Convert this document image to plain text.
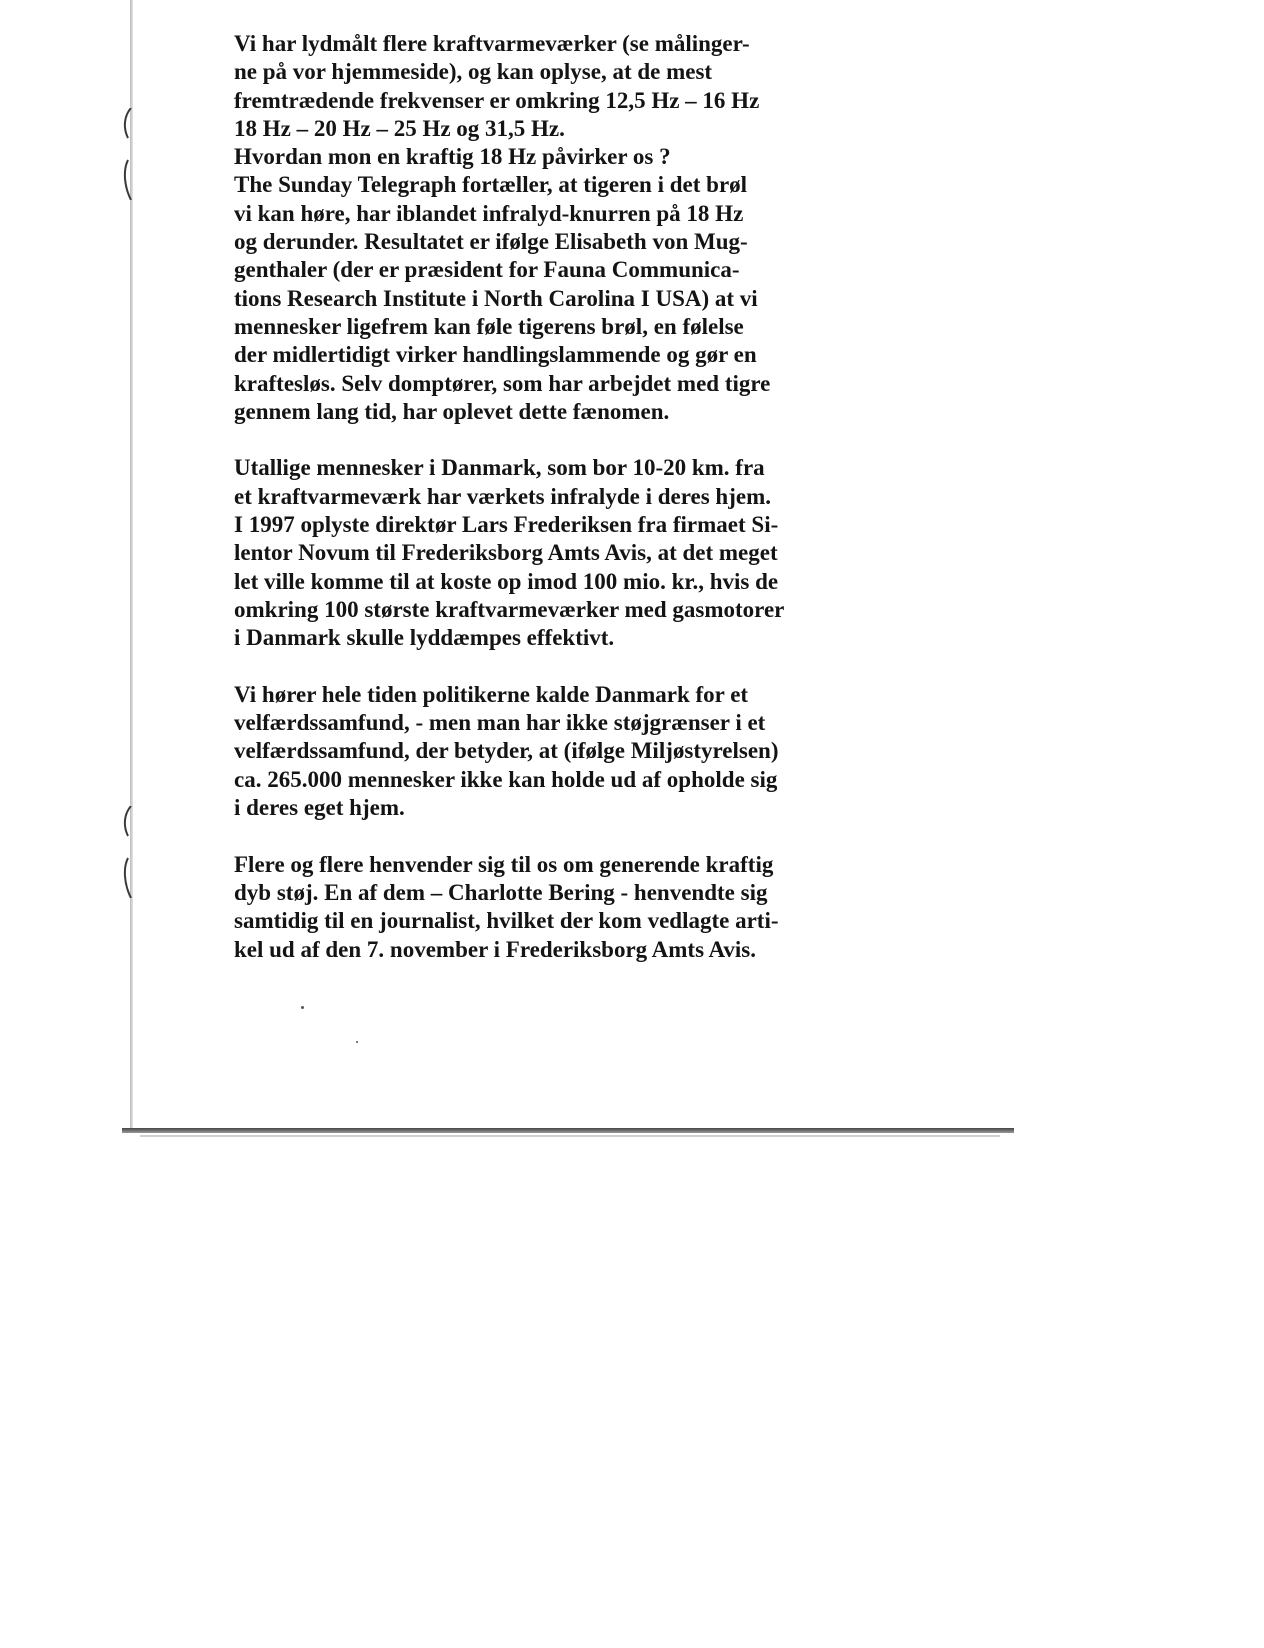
Vi har lydmålt flere kraftvarmeværker (se målinger-
ne på vor hjemmeside), og kan oplyse, at de mest
fremtrædende frekvenser er omkring 12,5 Hz – 16 Hz
18 Hz – 20 Hz – 25 Hz og 31,5 Hz.
Hvordan mon en kraftig 18 Hz påvirker os ?
The Sunday Telegraph fortæller, at tigeren i det brøl
vi kan høre, har iblandet infralyd-knurren på 18 Hz
og derunder. Resultatet er ifølge Elisabeth von Mug-
genthaler (der er præsident for Fauna Communica-
tions Research Institute i North Carolina I USA) at vi
mennesker ligefrem kan føle tigerens brøl, en følelse
der midlertidigt virker handlingslammende og gør en
kraftesløs. Selv domptører, som har arbejdet med tigre
gennem lang tid, har oplevet dette fænomen.

Utallige mennesker i Danmark, som bor 10-20 km. fra
et kraftvarmeværk har værkets infralyde i deres hjem.
I 1997 oplyste direktør Lars Frederiksen fra firmaet Si-
lentor Novum til Frederiksborg Amts Avis, at det meget
let ville komme til at koste op imod 100 mio. kr., hvis de
omkring 100 største kraftvarmeværker med gasmotorer
i Danmark skulle lyddæmpes effektivt.

Vi hører hele tiden politikerne kalde Danmark for et
velfærdssamfund, - men man har ikke støjgrænser i et
velfærdssamfund, der betyder, at (ifølge Miljøstyrelsen)
ca. 265.000 mennesker ikke kan holde ud af opholde sig
i deres eget hjem.

Flere og flere henvender sig til os om generende kraftig
dyb støj. En af dem – Charlotte Bering - henvendte sig
samtidig til en journalist, hvilket der kom vedlagte arti-
kel ud af den 7. november i Frederiksborg Amts Avis.
